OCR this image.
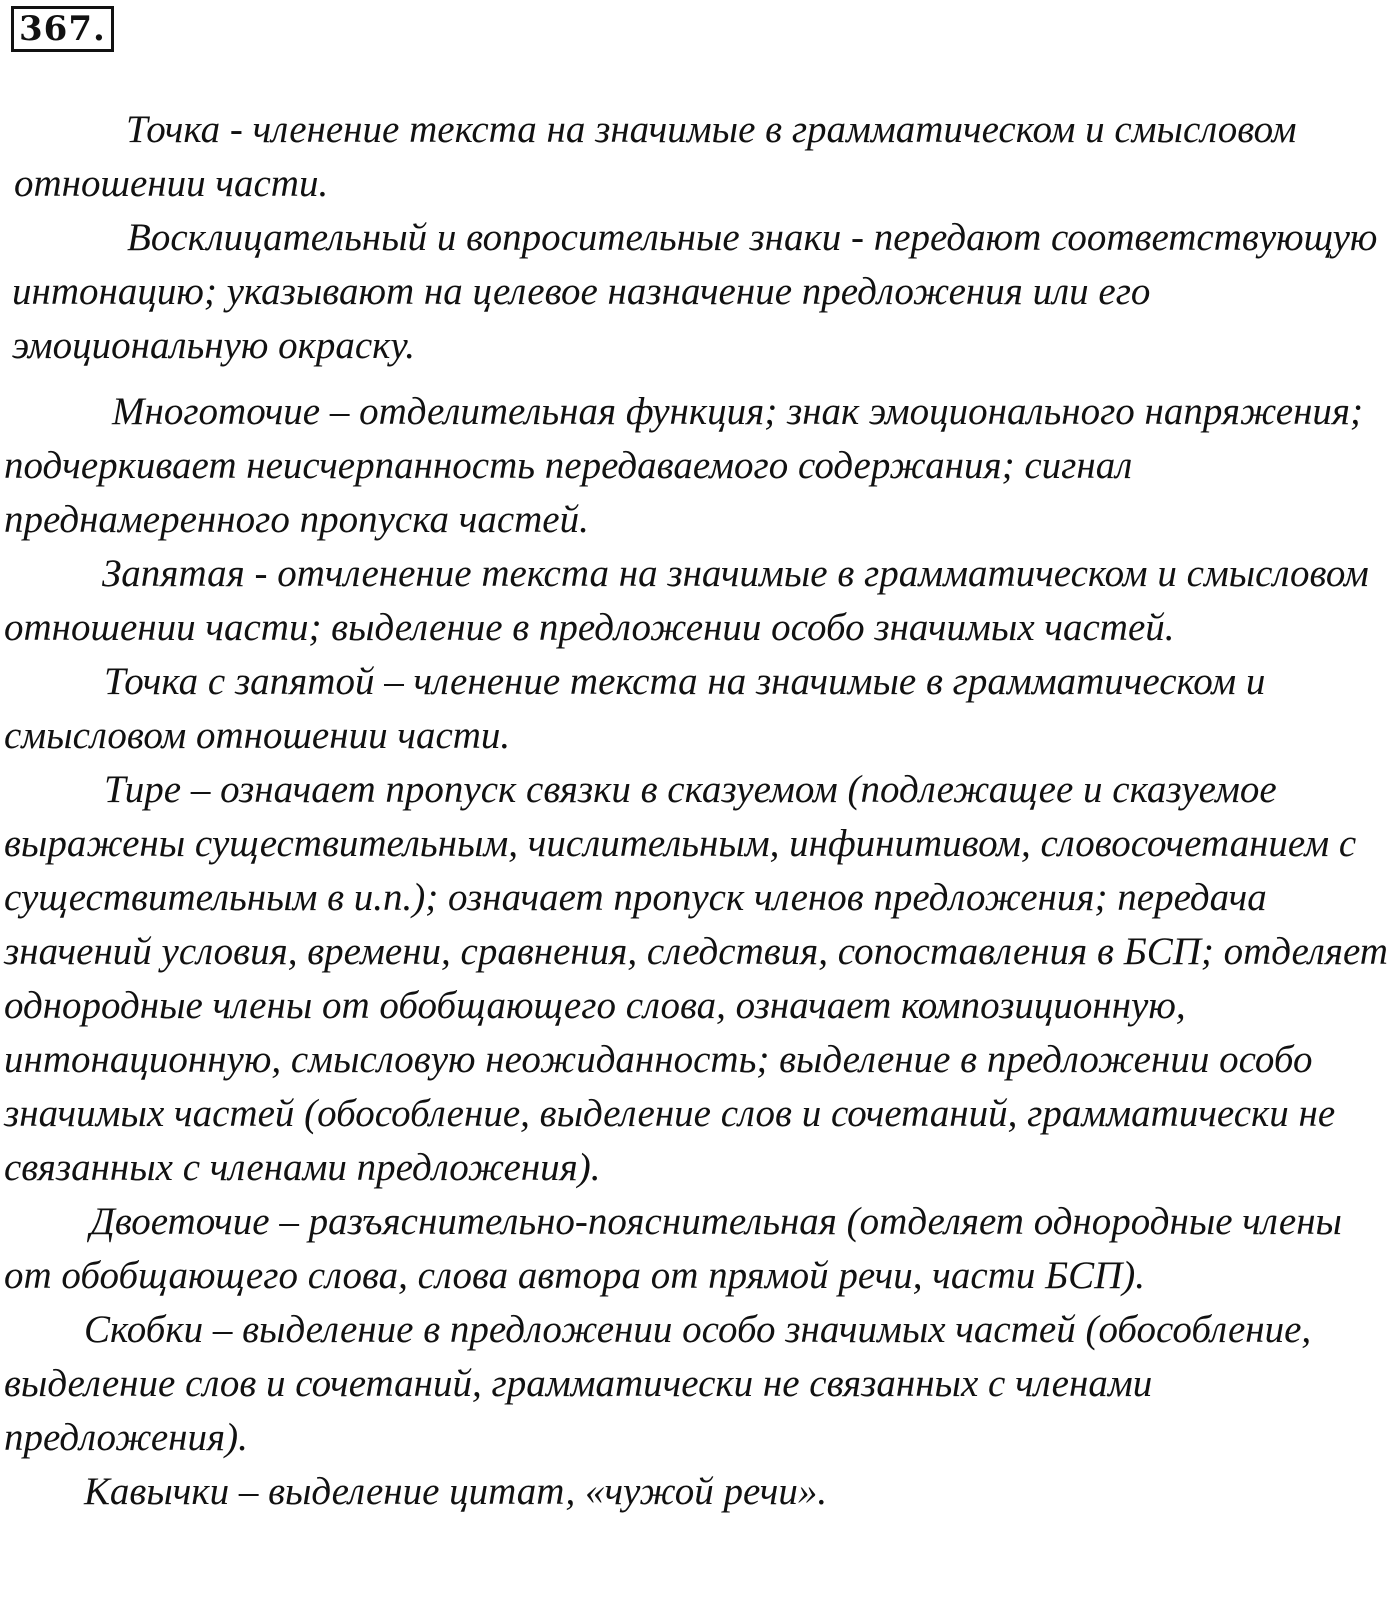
367.

Точка - членение текста на значимые в грамматическом и смысловом отношении части.

Восклицательный и вопросительные знаки - передают соответствующую интонацию; указывают на целевое назначение предложения или его эмоциональную окраску.

Многоточие – отделительная функция; знак эмоционального напряжения; подчеркивает неисчерпанность передаваемого содержания; сигнал преднамеренного пропуска частей.

Запятая - отчленение текста на значимые в грамматическом и смысловом отношении части; выделение в предложении особо значимых частей.

Точка с запятой – членение текста на значимые в грамматическом и смысловом отношении части.

Тире – означает пропуск связки в сказуемом (подлежащее и сказуемое выражены существительным, числительным, инфинитивом, словосочетанием с существительным в и.п.); означает пропуск членов предложения; передача значений условия, времени, сравнения, следствия, сопоставления в БСП; отделяет однородные члены от обобщающего слова, означает композиционную, интонационную, смысловую неожиданность; выделение в предложении особо значимых частей (обособление, выделение слов и сочетаний, грамматически не связанных с членами предложения).

Двоеточие – разъяснительно-пояснительная (отделяет однородные члены от обобщающего слова, слова автора от прямой речи, части БСП).

Скобки – выделение в предложении особо значимых частей (обособление, выделение слов и сочетаний, грамматически не связанных с членами предложения).

Кавычки – выделение цитат, «чужой речи».
